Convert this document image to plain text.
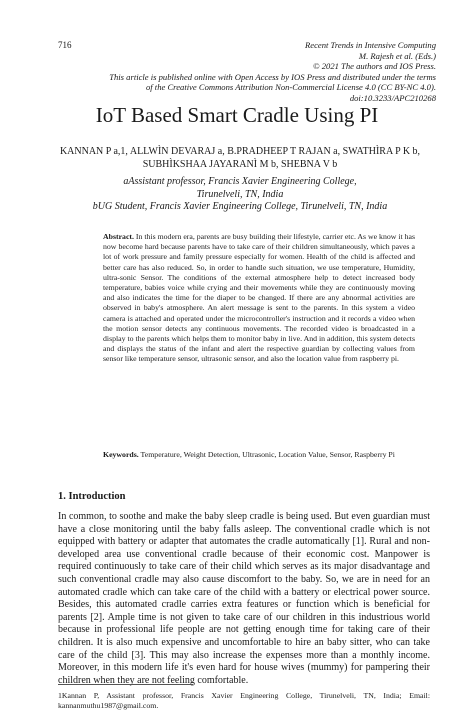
716	Recent Trends in Intensive Computing
M. Rajesh et al. (Eds.)
© 2021 The authors and IOS Press.
This article is published online with Open Access by IOS Press and distributed under the terms
of the Creative Commons Attribution Non-Commercial License 4.0 (CC BY-NC 4.0).
doi:10.3233/APC210268
IoT Based Smart Cradle Using PI
KANNAN P a,1, ALLWÌN DEVARAJ a, B.PRADHEEP T RAJAN a, SWATHÌRA P K b,
SUBHÌKSHAA JAYARANÌ M b, SHEBNA V b
aAssistant professor, Francis Xavier Engineering College,
Tirunelveli, TN, India
bUG Student, Francis Xavier Engineering College, Tirunelveli, TN, India
Abstract. In this modern era, parents are busy building their lifestyle, carrier etc. As we know it has now become hard because parents have to take care of their children simultaneously, which paves a lot of work pressure and family pressure especially for women. Health of the child is affected and better care has also reduced. So, in order to handle such situation, we use temperature, Humidity, ultra-sonic Sensor. The conditions of the external atmosphere help to detect increased body temperature, babies voice while crying and their movements while they are continuously moving and also indicates the time for the diaper to be changed. If there are any abnormal activities are observed in baby's atmosphere. An alert message is sent to the parents. In this system a video camera is attached and operated under the microcontroller's instruction and it records a video when the motion sensor detects any continuous movements. The recorded video is broadcasted in a display to the parents which helps them to monitor baby in live. And in addition, this system detects and displays the status of the infant and alert the respective guardian by collecting values from sensor like temperature sensor, ultrasonic sensor, and also the location value from raspberry pi.
Keywords. Temperature, Weight Detection, Ultrasonic, Location Value, Sensor, Raspberry Pi
1. Introduction
In common, to soothe and make the baby sleep cradle is being used. But even guardian must have a close monitoring until the baby falls asleep. The conventional cradle which is not equipped with battery or adapter that automates the cradle automatically [1]. Rural and non-developed area use conventional cradle because of their economic cost. Manpower is required continuously to take care of their child which serves as its major disadvantage and such conventional cradle may also cause discomfort to the baby. So, we are in need for an automated cradle which can take care of the child with a battery or electrical power source. Besides, this automated cradle carries extra features or function which is beneficial for parents [2]. Ample time is not given to take care of our children in this industrious world because in professional life people are not getting enough time for taking care of their children. It is also much expensive and uncomfortable to hire an baby sitter, who can take care of the child [3]. This may also increase the expenses more than a monthly income. Moreover, in this modern life it's even hard for house wives (mummy) for pampering their children when they are not feeling comfortable.
1Kannan P, Assistant professor, Francis Xavier Engineering College, Tirunelveli, TN, India; Email: kannanmuthu1987@gmail.com.
